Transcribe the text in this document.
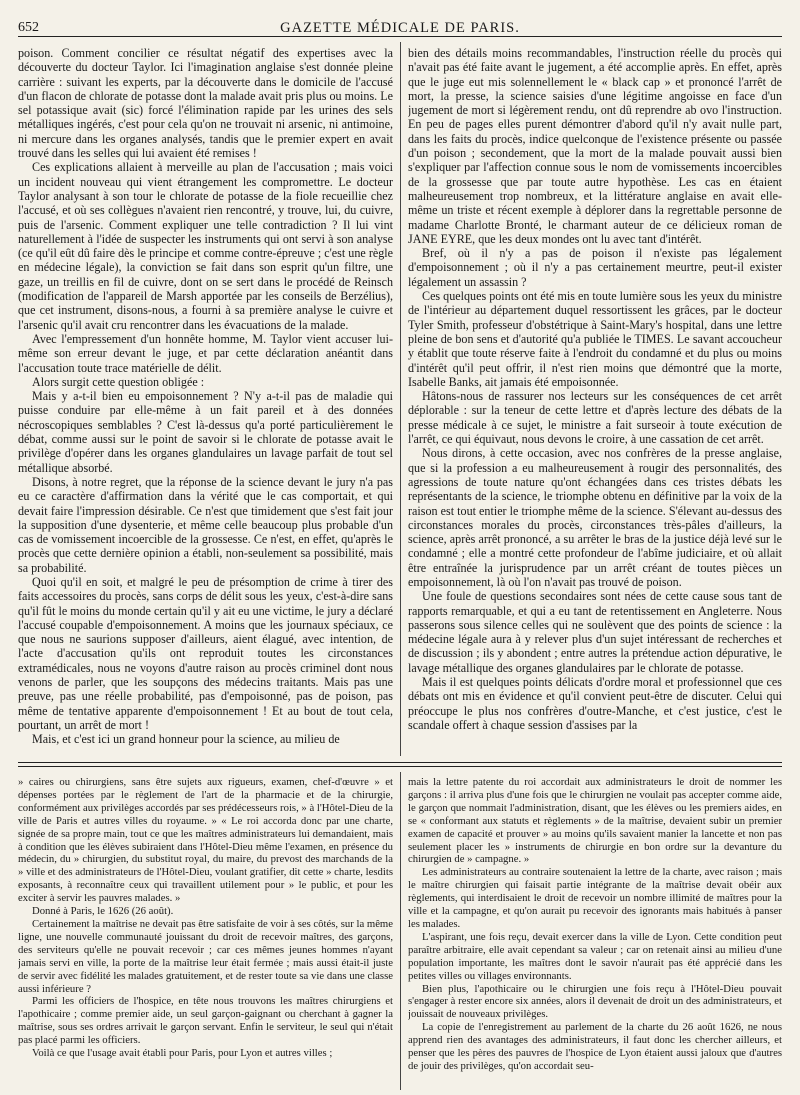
652	GAZETTE MÉDICALE DE PARIS.

poison. Comment concilier ce résultat négatif des expertises avec la découverte du docteur Taylor. Ici l'imagination anglaise s'est donnée pleine carrière : suivant les experts, par la découverte dans le domicile de l'accusé d'un flacon de chlorate de potasse dont la malade avait pris plus ou moins. Le sel potassique avait (sic) forcé l'élimination rapide par les urines des sels métalliques ingérés, c'est pour cela qu'on ne trouvait ni arsenic, ni antimoine, ni mercure dans les organes analysés, tandis que le premier expert en avait trouvé dans les selles qui lui avaient été remises !

Ces explications allaient à merveille au plan de l'accusation ; mais voici un incident nouveau qui vient étrangement les compromettre. Le docteur Taylor analysant à son tour le chlorate de potasse de la fiole recueillie chez l'accusé, et où ses collègues n'avaient rien rencontré, y trouve, lui, du cuivre, puis de l'arsenic. Comment expliquer une telle contradiction ? Il lui vint naturellement à l'idée de suspecter les instruments qui ont servi à son analyse (ce qu'il eût dû faire dès le principe et comme contre-épreuve ; c'est une règle en médecine légale), la conviction se fait dans son esprit qu'un filtre, une gaze, un treillis en fil de cuivre, dont on se sert dans le procédé de Reinsch (modification de l'appareil de Marsh apportée par les conseils de Berzélius), que cet instrument, disons-nous, a fourni à sa première analyse le cuivre et l'arsenic qu'il avait cru rencontrer dans les évacuations de la malade.

Avec l'empressement d'un honnête homme, M. Taylor vient accuser lui-même son erreur devant le juge, et par cette déclaration anéantit dans l'accusation toute trace matérielle de délit.

Alors surgit cette question obligée :

Mais y a-t-il bien eu empoisonnement ? N'y a-t-il pas de maladie qui puisse conduire par elle-même à un fait pareil et à des données nécroscopiques semblables ? C'est là-dessus qu'a porté particulièrement le débat, comme aussi sur le point de savoir si le chlorate de potasse avait le privilège d'opérer dans les organes glandulaires un lavage parfait de tout sel métallique absorbé.

Disons, à notre regret, que la réponse de la science devant le jury n'a pas eu ce caractère d'affirmation dans la vérité que le cas comportait, et qui devait faire l'impression désirable. Ce n'est que timidement que s'est fait jour la supposition d'une dysenterie, et même celle beaucoup plus probable d'un cas de vomissement incoercible de la grossesse. Ce n'est, en effet, qu'après le procès que cette dernière opinion a établi, non-seulement sa possibilité, mais sa probabilité.

Quoi qu'il en soit, et malgré le peu de présomption de crime à tirer des faits accessoires du procès, sans corps de délit sous les yeux, c'est-à-dire sans qu'il fût le moins du monde certain qu'il y ait eu une victime, le jury a déclaré l'accusé coupable d'empoisonnement. A moins que les journaux spéciaux, ce que nous ne saurions supposer d'ailleurs, aient élagué, avec intention, de l'acte d'accusation qu'ils ont reproduit toutes les circonstances extramédicales, nous ne voyons d'autre raison au procès criminel dont nous venons de parler, que les soupçons des médecins traitants. Mais pas une preuve, pas une réelle probabilité, pas d'empoisonné, pas de poison, pas même de tentative apparente d'empoisonnement ! Et au bout de tout cela, pourtant, un arrêt de mort !

Mais, et c'est ici un grand honneur pour la science, au milieu de

bien des détails moins recommandables, l'instruction réelle du procès qui n'avait pas été faite avant le jugement, a été accomplie après. En effet, après que le juge eut mis solennellement le « black cap » et prononcé l'arrêt de mort, la presse, la science saisies d'une légitime angoisse en face d'un jugement de mort si légèrement rendu, ont dû reprendre ab ovo l'instruction. En peu de pages elles purent démontrer d'abord qu'il n'y avait nulle part, dans les faits du procès, indice quelconque de l'existence présente ou passée d'un poison ; secondement, que la mort de la malade pouvait aussi bien s'expliquer par l'affection connue sous le nom de vomissements incoercibles de la grossesse que par toute autre hypothèse. Les cas en étaient malheureusement trop nombreux, et la littérature anglaise en avait elle-même un triste et récent exemple à déplorer dans la regrettable personne de madame Charlotte Bronté, le charmant auteur de ce délicieux roman de JANE EYRE, que les deux mondes ont lu avec tant d'intérêt.

Bref, où il n'y a pas de poison il n'existe pas légalement d'empoisonnement ; où il n'y a pas certainement meurtre, peut-il exister légalement un assassin ?

Ces quelques points ont été mis en toute lumière sous les yeux du ministre de l'intérieur au département duquel ressortissent les grâces, par le docteur Tyler Smith, professeur d'obstétrique à Saint-Mary's hospital, dans une lettre pleine de bon sens et d'autorité qu'a publiée le TIMES. Le savant accoucheur y établit que toute réserve faite à l'endroit du condamné et du plus ou moins d'intérêt qu'il peut offrir, il n'est rien moins que démontré que la morte, Isabelle Banks, ait jamais été empoisonnée.

Hâtons-nous de rassurer nos lecteurs sur les conséquences de cet arrêt déplorable : sur la teneur de cette lettre et d'après lecture des débats de la presse médicale à ce sujet, le ministre a fait surseoir à toute exécution de l'arrêt, ce qui équivaut, nous devons le croire, à une cassation de cet arrêt.

Nous dirons, à cette occasion, avec nos confrères de la presse anglaise, que si la profession a eu malheureusement à rougir des personnalités, des agressions de toute nature qu'ont échangées dans ces tristes débats les représentants de la science, le triomphe obtenu en définitive par la voix de la raison est tout entier le triomphe même de la science. S'élevant au-dessus des circonstances morales du procès, circonstances très-pâles d'ailleurs, la science, après arrêt prononcé, a su arrêter le bras de la justice déjà levé sur le condamné ; elle a montré cette profondeur de l'abîme judiciaire, et où allait être entraînée la jurisprudence par un arrêt créant de toutes pièces un empoisonnement, là où l'on n'avait pas trouvé de poison.

Une foule de questions secondaires sont nées de cette cause sous tant de rapports remarquable, et qui a eu tant de retentissement en Angleterre. Nous passerons sous silence celles qui ne soulèvent que des points de science : la médecine légale aura à y relever plus d'un sujet intéressant de recherches et de discussion ; ils y abondent ; entre autres la prétendue action dépurative, le lavage métallique des organes glandulaires par le chlorate de potasse.

Mais il est quelques points délicats d'ordre moral et professionnel que ces débats ont mis en évidence et qu'il convient peut-être de discuter. Celui qui préoccupe le plus nos confrères d'outre-Manche, et c'est justice, c'est le scandale offert à chaque session d'assises par la

» caires ou chirurgiens, sans être sujets aux rigueurs, examen, chef-d'œuvre » et dépenses portées par le règlement de l'art de la pharmacie et de la chirurgie, conformément aux privilèges accordés par ses prédécesseurs rois, » à l'Hôtel-Dieu de la ville de Paris et autres villes du royaume. » « Le roi accorda donc par une charte, signée de sa propre main, tout ce que les maîtres administrateurs lui demandaient, mais à condition que les élèves subiraient dans l'Hôtel-Dieu même l'examen, en présence du médecin, du » chirurgien, du substitut royal, du maire, du prevost des marchands de la » ville et des administrateurs de l'Hôtel-Dieu, voulant gratifier, dit cette » charte, lesdits exposants, à reconnaître ceux qui travaillent utilement pour » le public, et pour les exciter à servir les pauvres malades. »

Donné à Paris, le 1626 (26 août).

Certainement la maîtrise ne devait pas être satisfaite de voir à ses côtés, sur la même ligne, une nouvelle communauté jouissant du droit de recevoir maîtres, des garçons, des serviteurs qu'elle ne pouvait recevoir ; car ces mêmes jeunes hommes n'ayant jamais servi en ville, la porte de la maîtrise leur était fermée ; mais aussi était-il juste de servir avec fidélité les malades gratuitement, et de rester toute sa vie dans une classe aussi inférieure ?

Parmi les officiers de l'hospice, en tête nous trouvons les maîtres chirurgiens et l'apothicaire ; comme premier aide, un seul garçon-gaignant ou cherchant à gagner la maîtrise, sous ses ordres arrivait le garçon servant. Enfin le serviteur, le seul qui n'était pas placé parmi les officiers.

Voilà ce que l'usage avait établi pour Paris, pour Lyon et autres villes ;

mais la lettre patente du roi accordait aux administrateurs le droit de nommer les garçons : il arriva plus d'une fois que le chirurgien ne voulait pas accepter comme aide, le garçon que nommait l'administration, disant, que les élèves ou les premiers aides, en se « conformant aux statuts et règlements » de la maîtrise, devaient subir un premier examen de capacité et prouver » au moins qu'ils savaient manier la lancette et non pas seulement placer les » instruments de chirurgie en bon ordre sur la devanture du chirurgien de » campagne. »

Les administrateurs au contraire soutenaient la lettre de la charte, avec raison ; mais le maître chirurgien qui faisait partie intégrante de la maîtrise devait obéir aux règlements, qui interdisaient le droit de recevoir un nombre illimité de maîtres pour la ville et la campagne, et qu'on aurait pu recevoir des ignorants mais habitués à panser les malades.

L'aspirant, une fois reçu, devait exercer dans la ville de Lyon. Cette condition peut paraître arbitraire, elle avait cependant sa valeur ; car on retenait ainsi au milieu d'une population importante, les maîtres dont le savoir n'aurait pas été apprécié dans les petites villes ou villages environnants.

Bien plus, l'apothicaire ou le chirurgien une fois reçu à l'Hôtel-Dieu pouvait s'engager à rester encore six années, alors il devenait de droit un des administrateurs, et jouissait de nouveaux privilèges.

La copie de l'enregistrement au parlement de la charte du 26 août 1626, ne nous apprend rien des avantages des administrateurs, il faut donc les chercher ailleurs, et penser que les pères des pauvres de l'hospice de Lyon étaient aussi jaloux que d'autres de jouir des privilèges, qu'on accordait seu-
